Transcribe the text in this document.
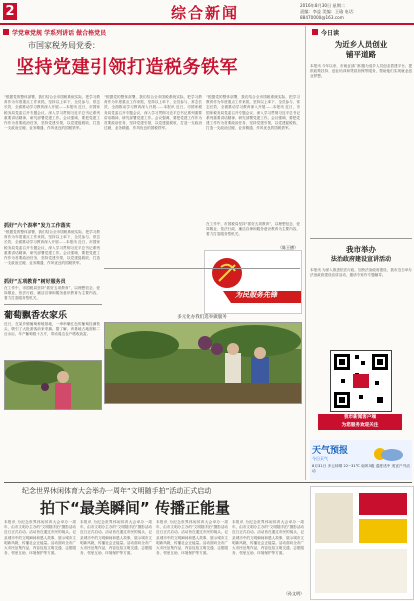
2	综合新闻	2016年8月30日 星期二
责编：李益 美编：王瑜 电话：
88470000@163.com
学党章党规 学系列讲话 做合格党员	今日读
市国家税务局党委：
坚持党建引领打造税务铁军
“根据党的整体部署，我们结合全市国税系统实际，把学习教育作为年度重点工作来抓，坚持以上率下、全员参与、常态长效，全面推动学习教育深入开展……本报讯 近日，市国家税务局党委召开专题会议，深入学习贯彻习近平总书记系列重要讲话精神，研究部署党建工作。会议强调，要把党建工作作为首要政治任务，坚持党建引领，以党建促税收，打造一支政治过硬、业务精通、作风优良的国税铁军。
“根据党的整体部署，我们结合全市国税系统实际，把学习教育作为年度重点工作来抓，坚持以上率下、全员参与、常态长效，全面推动学习教育深入开展……本报讯 近日，市国家税务局党委召开专题会议，深入学习贯彻习近平总书记系列重要讲话精神，研究部署党建工作。会议强调，要把党建工作作为首要政治任务，坚持党建引领，以党建促税收，打造一支政治过硬、业务精通、作风优良的国税铁军。
“根据党的整体部署，我们结合全市国税系统实际，把学习教育作为年度重点工作来抓，坚持以上率下、全员参与、常态长效，全面推动学习教育深入开展……本报讯 近日，市国家税务局党委召开专题会议，深入学习贯彻习近平总书记系列重要讲话精神，研究部署党建工作。会议强调，要把党建工作作为首要政治任务，坚持党建引领，以党建促税收，打造一支政治过硬、业务精通、作风优良的国税铁军。
抓好“六个表率”发力工作落实
“根据党的整体部署，我们结合全市国税系统实际，把学习教育作为年度重点工作来抓，坚持以上率下、全员参与、常态长效，全面推动学习教育深入开展……本报讯 近日，市国家税务局党委召开专题会议，深入学习贯彻习近平总书记系列重要讲话精神，研究部署党建工作。会议强调，要把党建工作作为首要政治任务，坚持党建引领，以党建促税收，打造一支政治过硬、业务精通、作风优良的国税铁军。
抓好“五项教育”树好服务员
在工作中，市国税局坚持“抓好五项教育”，以理想信念、爱岗敬业、依法行政、廉洁自律和服务意识教育为主要内容，着力打造服务型机关。
在工作中，市国税局坚持“抓好五项教育”，以理想信念、爱岗敬业、依法行政、廉洁自律和服务意识教育为主要内容，着力打造服务型机关。
（陈王德）
为民服务先锋
多元化办我们选举做服务
葡萄飘香农家乐
近日，在某乡镇葡萄种植基地，一串串紫红色的葡萄挂满枝头，吸引了大批游客前来采摘。据了解，该基地占地面积二百余亩，年产葡萄数十万斤，带动周边农户增收致富。
为近乡人员创业
铺平道路
本报讯 今年以来，市就业部门积极为返乡人员创业搭建平台，提供政策扶持、创业培训和贷款担保等服务，帮助他们实现就业创业梦想。
我市举办
法治政府建设宣讲活动
本报讯 为深入推进依法行政，加快法治政府建设，我市近日举办法治政府建设宣讲活动，邀请专家作专题辅导。
我市新闻客户端
为您服务欢迎关注
天气预报
今日天气
8月31日 多云转晴 22~31℃ 南风3级 湿度适中 适宜户外活动
纪念世界休闲体育大会举办一周年“文明随手拍”活动正式启动
拍下“最美瞬间” 传播正能量
本报讯 为纪念世界休闲体育大会举办一周年，由市文明办主办的“文明随手拍”摄影活动近日正式启动。活动旨在通过市民的镜头，记录城市中的文明瞬间和感人故事，展示城市文明新风貌，传播社会正能量。活动面向全市广大市民征集作品，内容包括文明交通、志愿服务、邻里互助、环境保护等方面。
本报讯 为纪念世界休闲体育大会举办一周年，由市文明办主办的“文明随手拍”摄影活动近日正式启动。活动旨在通过市民的镜头，记录城市中的文明瞬间和感人故事，展示城市文明新风貌，传播社会正能量。活动面向全市广大市民征集作品，内容包括文明交通、志愿服务、邻里互助、环境保护等方面。
本报讯 为纪念世界休闲体育大会举办一周年，由市文明办主办的“文明随手拍”摄影活动近日正式启动。活动旨在通过市民的镜头，记录城市中的文明瞬间和感人故事，展示城市文明新风貌，传播社会正能量。活动面向全市广大市民征集作品，内容包括文明交通、志愿服务、邻里互助、环境保护等方面。
本报讯 为纪念世界休闲体育大会举办一周年，由市文明办主办的“文明随手拍”摄影活动近日正式启动。活动旨在通过市民的镜头，记录城市中的文明瞬间和感人故事，展示城市文明新风貌，传播社会正能量。活动面向全市广大市民征集作品，内容包括文明交通、志愿服务、邻里互助、环境保护等方面。
（孙文明）
